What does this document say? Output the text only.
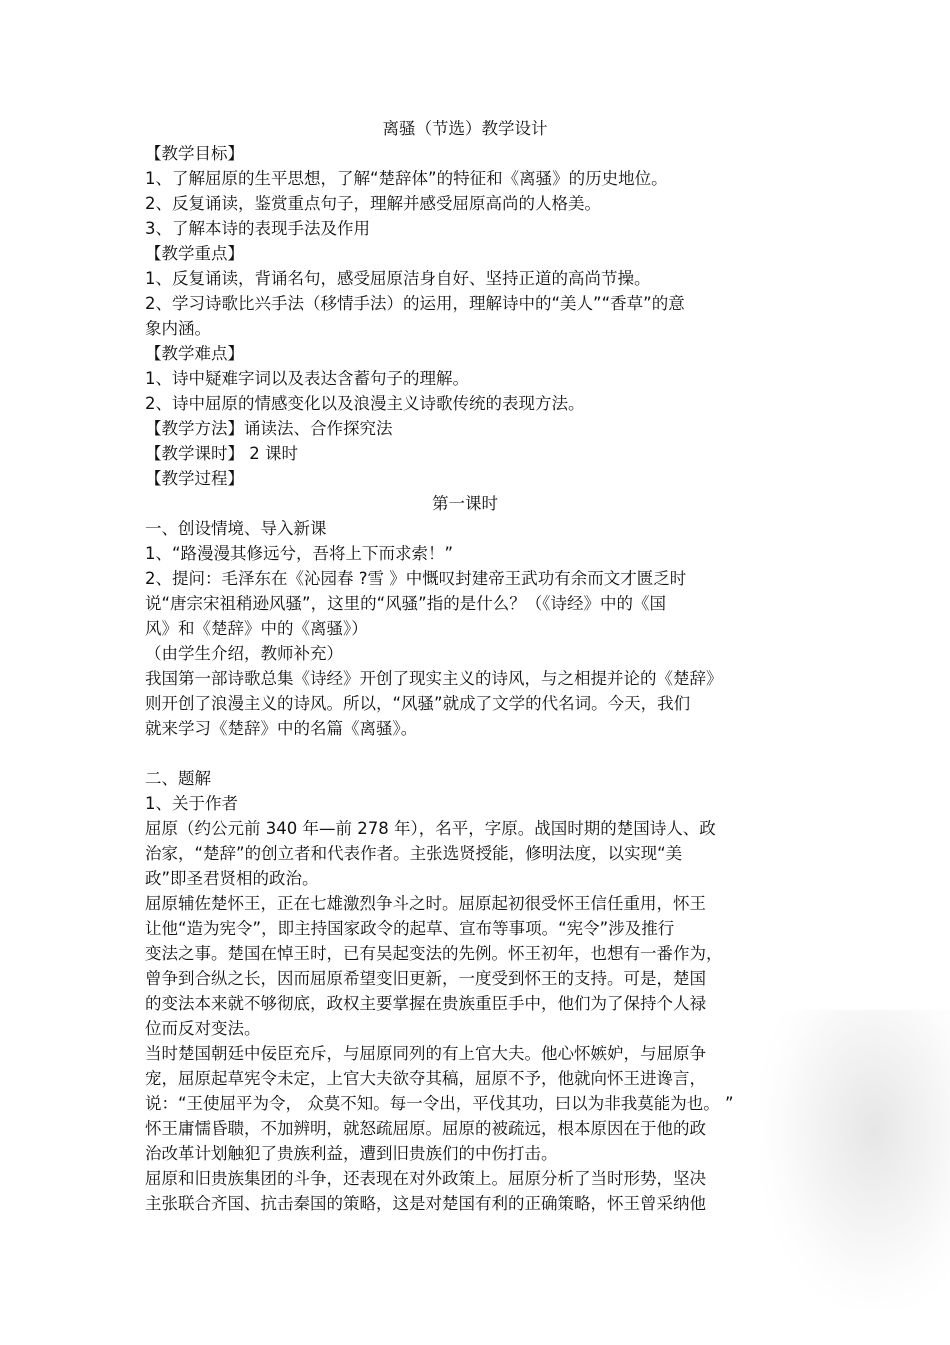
离骚（节选）教学设计
【教学目标】
1、了解屈原的生平思想，了解“楚辞体”的特征和《离骚》的历史地位。
2、反复诵读，鉴赏重点句子，理解并感受屈原高尚的人格美。
3、了解本诗的表现手法及作用
【教学重点】
1、反复诵读，背诵名句，感受屈原洁身自好、坚持正道的高尚节操。
2、学习诗歌比兴手法（移情手法）的运用，理解诗中的“美人”“香草”的意
象内涵。
【教学难点】
1、诗中疑难字词以及表达含蓄句子的理解。
2、诗中屈原的情感变化以及浪漫主义诗歌传统的表现方法。
【教学方法】诵读法、合作探究法
【教学课时】 2 课时
【教学过程】
第一课时
一、创设情境、导入新课
1、“路漫漫其修远兮，吾将上下而求索！”
2、提问：毛泽东在《沁园春 ?雪 》中慨叹封建帝王武功有余而文才匮乏时
说“唐宗宋祖稍逊风骚”，这里的“风骚”指的是什么？（《诗经》中的《国
风》和《楚辞》中的《离骚》）
（由学生介绍，教师补充）
我国第一部诗歌总集《诗经》开创了现实主义的诗风，与之相提并论的《楚辞》
则开创了浪漫主义的诗风。所以，“风骚”就成了文学的代名词。今天，我们
就来学习《楚辞》中的名篇《离骚》。
二、题解
1、关于作者
屈原（约公元前 340 年—前 278 年），名平，字原。战国时期的楚国诗人、政
治家，“楚辞”的创立者和代表作者。主张选贤授能，修明法度，以实现“美
政”即圣君贤相的政治。
屈原辅佐楚怀王，正在七雄激烈争斗之时。屈原起初很受怀王信任重用，怀王
让他“造为宪令”，即主持国家政令的起草、宣布等事项。“宪令”涉及推行
变法之事。楚国在悼王时，已有吴起变法的先例。怀王初年，也想有一番作为，
曾争到合纵之长，因而屈原希望变旧更新，一度受到怀王的支持。可是，楚国
的变法本来就不够彻底，政权主要掌握在贵族重臣手中，他们为了保持个人禄
位而反对变法。
当时楚国朝廷中佞臣充斥，与屈原同列的有上官大夫。他心怀嫉妒，与屈原争
宠，屈原起草宪令未定，上官大夫欲夺其稿，屈原不予，他就向怀王进谗言，
说：“王使屈平为令， 众莫不知。每一令出，平伐其功，曰以为非我莫能为也。 ”
怀王庸懦昏聩，不加辨明，就怒疏屈原。屈原的被疏远，根本原因在于他的政
治改革计划触犯了贵族利益，遭到旧贵族们的中伤打击。
屈原和旧贵族集团的斗争，还表现在对外政策上。屈原分析了当时形势，坚决
主张联合齐国、抗击秦国的策略，这是对楚国有利的正确策略，怀王曾采纳他
